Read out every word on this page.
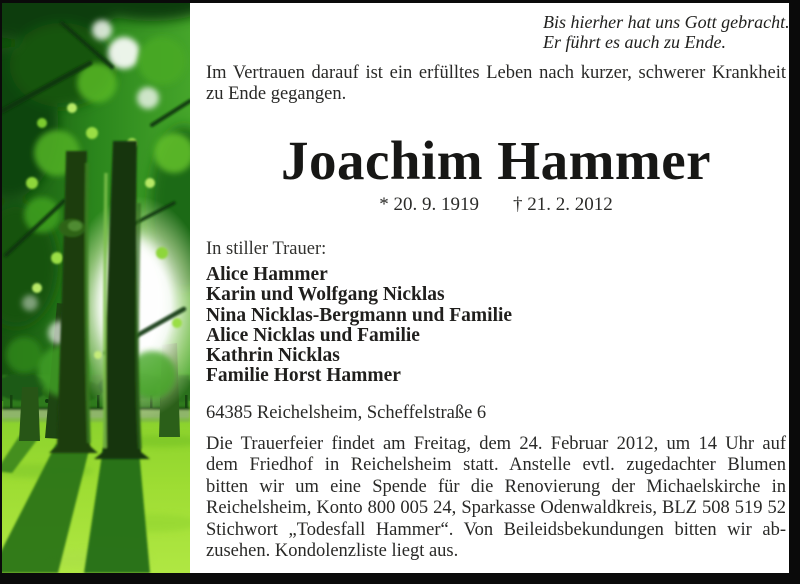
Bis hierher hat uns Gott gebracht.
Er führt es auch zu Ende.
Im Vertrauen darauf ist ein erfülltes Leben nach kurzer, schwerer Krankheit
zu Ende gegangen.
Joachim Hammer
* 20. 9. 1919 † 21. 2. 2012
In stiller Trauer:
Alice Hammer
Karin und Wolfgang Nicklas
Nina Nicklas-Bergmann und Familie
Alice Nicklas und Familie
Kathrin Nicklas
Familie Horst Hammer
64385 Reichelsheim, Scheffelstraße 6
Die Trauerfeier findet am Freitag, dem 24. Februar 2012, um 14 Uhr auf
dem Friedhof in Reichelsheim statt. Anstelle evtl. zugedachter Blumen
bitten wir um eine Spende für die Renovierung der Michaelskirche in
Reichelsheim, Konto 800 005 24, Sparkasse Odenwaldkreis, BLZ 508 519 52
Stichwort „Todesfall Hammer“. Von Beileidsbekundungen bitten wir ab-
zusehen. Kondolenzliste liegt aus.
